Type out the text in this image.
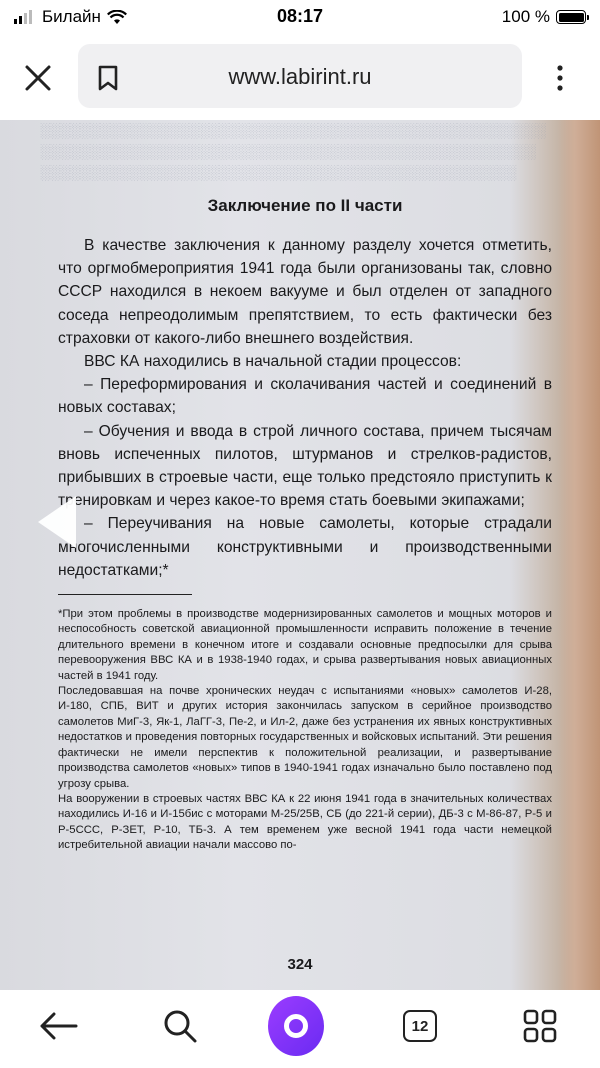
Билайн	08:17	100 %
www.labirint.ru
░░░░░░░░░░░░░░░░░░░░░░░░░░░░░░░░░░░░░░░░░░░░░░░░░░░
░░░░░░░░░░░░░░░░░░░░░░░░░░░░░░░░░░░░░░░░░░░░░░░░░░
░░░░░░░░░░░░░░░░░░░░░░░░░░░░░░░░░░░░░░░░░░░░░░░░

Заключение по II части

В качестве заключения к данному разделу хочется отметить, что оргмобмероприятия 1941 года были организованы так, словно СССР находился в некоем вакууме и был отделен от западного соседа непреодолимым препятствием, то есть фактически без страховки от какого-либо внешнего воздействия.

ВВС КА находились в начальной стадии процессов:

– Переформирования и сколачивания частей и соединений в новых составах;

– Обучения и ввода в строй личного состава, причем тысячам вновь испеченных пилотов, штурманов и стрелков-радистов, прибывших в строевые части, еще только предстояло приступить к тренировкам и через какое-то время стать боевыми экипажами;

– Переучивания на новые самолеты, которые страдали многочисленными конструктивными и производственными недостатками;*

*При этом проблемы в производстве модернизированных самолетов и мощных моторов и неспособность советской авиационной промышленности исправить положение в течение длительного времени в конечном итоге и создавали основные предпосылки для срыва перевооружения ВВС КА и в 1938-1940 годах, и срыва развертывания новых авиационных частей в 1941 году.

Последовавшая на почве хронических неудач с испытаниями «новых» самолетов И-28, И-180, СПБ, ВИТ и других история закончилась запуском в серийное производство самолетов МиГ-3, Як-1, ЛаГГ-3, Пе-2, и Ил-2, даже без устранения их явных конструктивных недостатков и проведения повторных государственных и войсковых испытаний. Эти решения фактически не имели перспектив к положительной реализации, и развертывание производства самолетов «новых» типов в 1940-1941 годах изначально было поставлено под угрозу срыва.

На вооружении в строевых частях ВВС КА к 22 июня 1941 года в значительных количествах находились И-16 и И-15бис с моторами М-25/25В, СБ (до 221-й серии), ДБ-3 с М-86-87, Р-5 и Р-5ССС, Р-ЗЕТ, Р-10, ТБ-3. А тем временем уже весной 1941 года части немецкой истребительной авиации начали массово по-

324
12
